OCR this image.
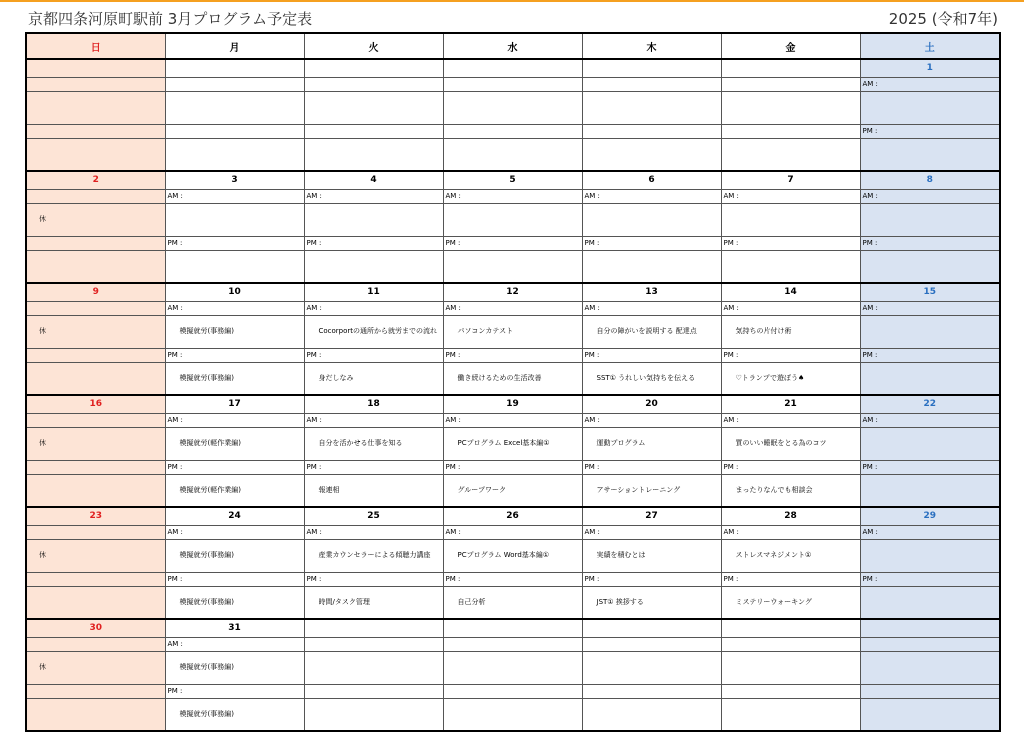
京都四条河原町駅前 3月プログラム予定表	2025 (令和7年)
日	月	火	水	木	金	土
						1
						AM :

						PM :

2	3	4	5	6	7	8
	AM :	AM :	AM :	AM :	AM :	AM :
休						
	PM :	PM :	PM :	PM :	PM :	PM :

9	10	11	12	13	14	15
	AM :	AM :	AM :	AM :	AM :	AM :
休	模擬就労(事務編)	Cocorportの通所から就労までの流れ	パソコンカテスト	自分の障がいを説明する 配達点	気持ちの片付け術	
	PM :	PM :	PM :	PM :	PM :	PM :
	模擬就労(事務編)	身だしなみ	働き続けるための生活改善	SST① うれしい気持ちを伝える	♡トランプで遊ぼう♠	
16	17	18	19	20	21	22
	AM :	AM :	AM :	AM :	AM :	AM :
休	模擬就労(軽作業編)	自分を活かせる仕事を知る	PCプログラム Excel基本編①	運動プログラム	質のいい睡眠をとる為のコツ	
	PM :	PM :	PM :	PM :	PM :	PM :
	模擬就労(軽作業編)	報連相	グループワーク	アサーショントレーニング	まったりなんでも相談会	
23	24	25	26	27	28	29
	AM :	AM :	AM :	AM :	AM :	AM :
休	模擬就労(事務編)	産業カウンセラーによる傾聴力講座	PCプログラム Word基本編①	実績を積むとは	ストレスマネジメント①	
	PM :	PM :	PM :	PM :	PM :	PM :
	模擬就労(事務編)	時間/タスク管理	自己分析	JST① 挨拶する	ミステリーウォーキング	
30	31					
	AM :					
休	模擬就労(事務編)					
	PM :					
	模擬就労(事務編)					
